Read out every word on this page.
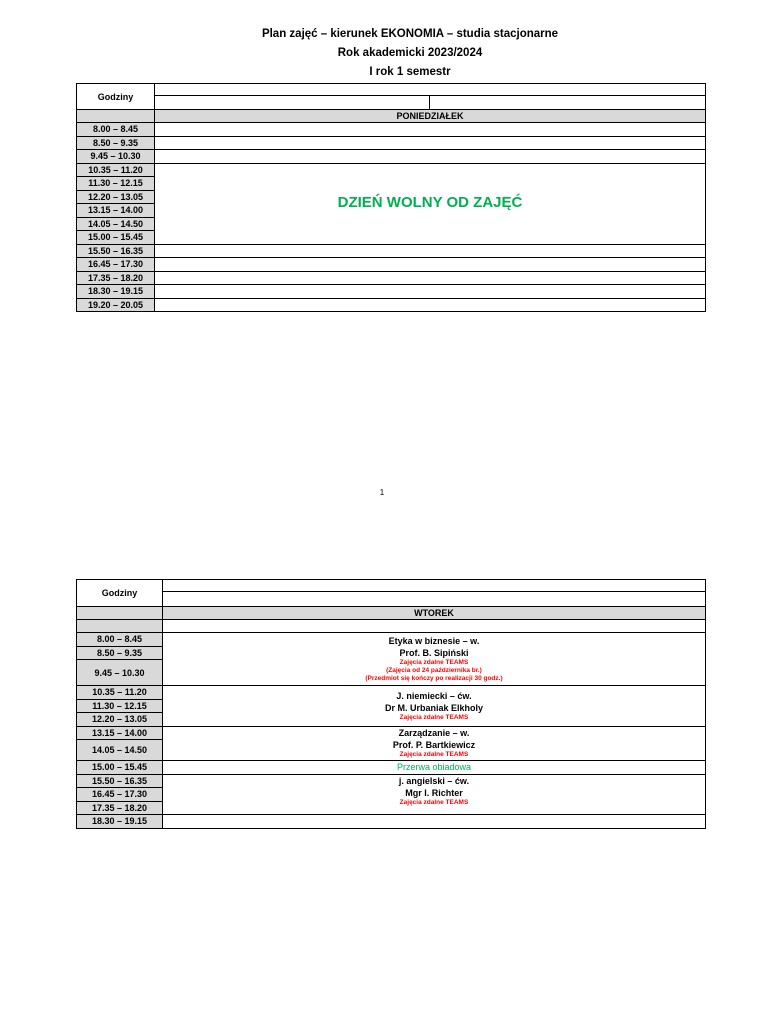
Plan zajęć – kierunek EKONOMIA – studia stacjonarne
Rok akademicki 2023/2024
I rok 1 semestr
Godziny		

	PONIEDZIAŁEK	
8.00 – 8.45		
8.50 – 9.35		
9.45 – 10.30		
10.35 – 11.20	DZIEŃ WOLNY OD ZAJĘĆ	
11.30 – 12.15		
12.20 – 13.05		
13.15 – 14.00		
14.05 – 14.50		
15.00 – 15.45		
15.50 – 16.35		
16.45 – 17.30		
17.35 – 18.20		
18.30 – 19.15		
19.20 – 20.05		
1
Godziny	

	WTOREK

8.00 – 8.45	Etyka w biznesie – w.
Prof. B. Sipiński
Zajęcia zdalne TEAMS
(Zajęcia od 24 października br.)
(Przedmiot się kończy po realizacji 30 godz.)

8.50 – 9.35	
9.45 – 10.30	
10.35 – 11.20	J. niemiecki – ćw.
Dr M. Urbaniak Elkholy
Zajęcia zdalne TEAMS

11.30 – 12.15	
12.20 – 13.05	
13.15 – 14.00	Zarządzanie – w.
Prof. P. Bartkiewicz
Zajęcia zdalne TEAMS

14.05 – 14.50	
15.00 – 15.45	Przerwa obiadowa
15.50 – 16.35	j. angielski – ćw.
Mgr I. Richter
Zajęcia zdalne TEAMS

16.45 – 17.30	
17.35 – 18.20	
18.30 – 19.15	
